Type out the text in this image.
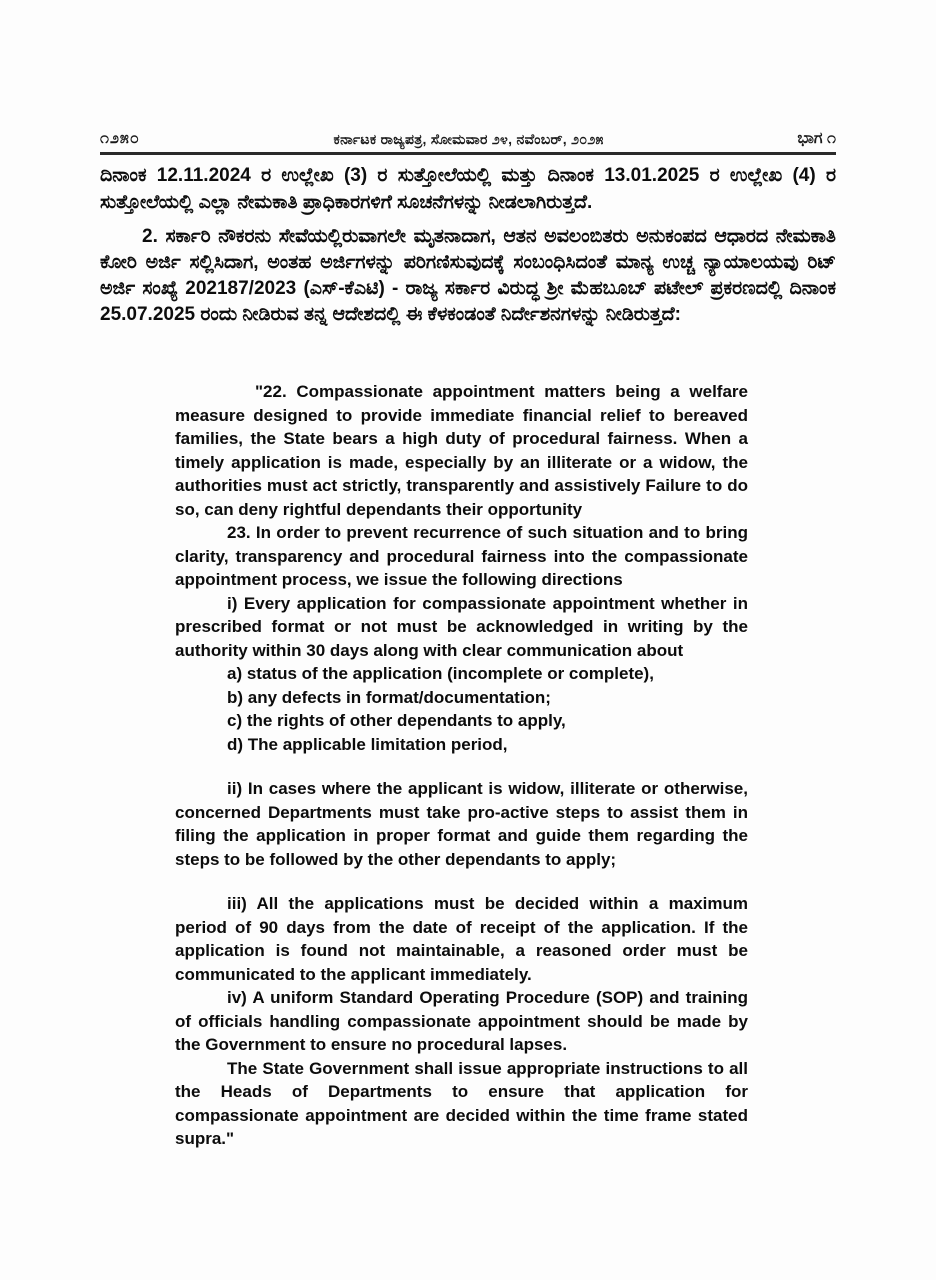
೧೨೫೦	ಕರ್ನಾಟಕ ರಾಜ್ಯಪತ್ರ, ಸೋಮವಾರ ೨೪, ನವೆಂಬರ್, ೨೦೨೫	ಭಾಗ ೧

ದಿನಾಂಕ 12.11.2024 ರ ಉಲ್ಲೇಖ (3) ರ ಸುತ್ತೋಲೆಯಲ್ಲಿ ಮತ್ತು ದಿನಾಂಕ 13.01.2025 ರ ಉಲ್ಲೇಖ (4) ರ ಸುತ್ತೋಲೆಯಲ್ಲಿ ಎಲ್ಲಾ ನೇಮಕಾತಿ ಪ್ರಾಧಿಕಾರಗಳಿಗೆ ಸೂಚನೆಗಳನ್ನು ನೀಡಲಾಗಿರುತ್ತದೆ.

2. ಸರ್ಕಾರಿ ನೌಕರನು ಸೇವೆಯಲ್ಲಿರುವಾಗಲೇ ಮೃತನಾದಾಗ, ಆತನ ಅವಲಂಬಿತರು ಅನುಕಂಪದ ಆಧಾರದ ನೇಮಕಾತಿ ಕೋರಿ ಅರ್ಜಿ ಸಲ್ಲಿಸಿದಾಗ, ಅಂತಹ ಅರ್ಜಿಗಳನ್ನು ಪರಿಗಣಿಸುವುದಕ್ಕೆ ಸಂಬಂಧಿಸಿದಂತೆ ಮಾನ್ಯ ಉಚ್ಚ ನ್ಯಾಯಾಲಯವು ರಿಟ್ ಅರ್ಜಿ ಸಂಖ್ಯೆ 202187/2023 (ಎಸ್-ಕೆಎಟಿ) - ರಾಜ್ಯ ಸರ್ಕಾರ ವಿರುದ್ಧ ಶ್ರೀ ಮೆಹಬೂಬ್ ಪಟೇಲ್ ಪ್ರಕರಣದಲ್ಲಿ ದಿನಾಂಕ 25.07.2025 ರಂದು ನೀಡಿರುವ ತನ್ನ ಆದೇಶದಲ್ಲಿ ಈ ಕೆಳಕಂಡಂತೆ ನಿರ್ದೇಶನಗಳನ್ನು ನೀಡಿರುತ್ತದೆ:

"22. Compassionate appointment matters being a welfare measure designed to provide immediate financial relief to bereaved families, the State bears a high duty of procedural fairness. When a timely application is made, especially by an illiterate or a widow, the authorities must act strictly, transparently and assistively Failure to do so, can deny rightful dependants their opportunity

23. In order to prevent recurrence of such situation and to bring clarity, transparency and procedural fairness into the compassionate appointment process, we issue the following directions

i) Every application for compassionate appointment whether in prescribed format or not must be acknowledged in writing by the authority within 30 days along with clear communication about

a) status of the application (incomplete or complete),

b) any defects in format/documentation;

c) the rights of other dependants to apply,

d) The applicable limitation period,

ii) In cases where the applicant is widow, illiterate or otherwise, concerned Departments must take pro-active steps to assist them in filing the application in proper format and guide them regarding the steps to be followed by the other dependants to apply;

iii) All the applications must be decided within a maximum period of 90 days from the date of receipt of the application. If the application is found not maintainable, a reasoned order must be communicated to the applicant immediately.

iv) A uniform Standard Operating Procedure (SOP) and training of officials handling compassionate appointment should be made by the Government to ensure no procedural lapses.

The State Government shall issue appropriate instructions to all the Heads of Departments to ensure that application for compassionate appointment are decided within the time frame stated supra."
